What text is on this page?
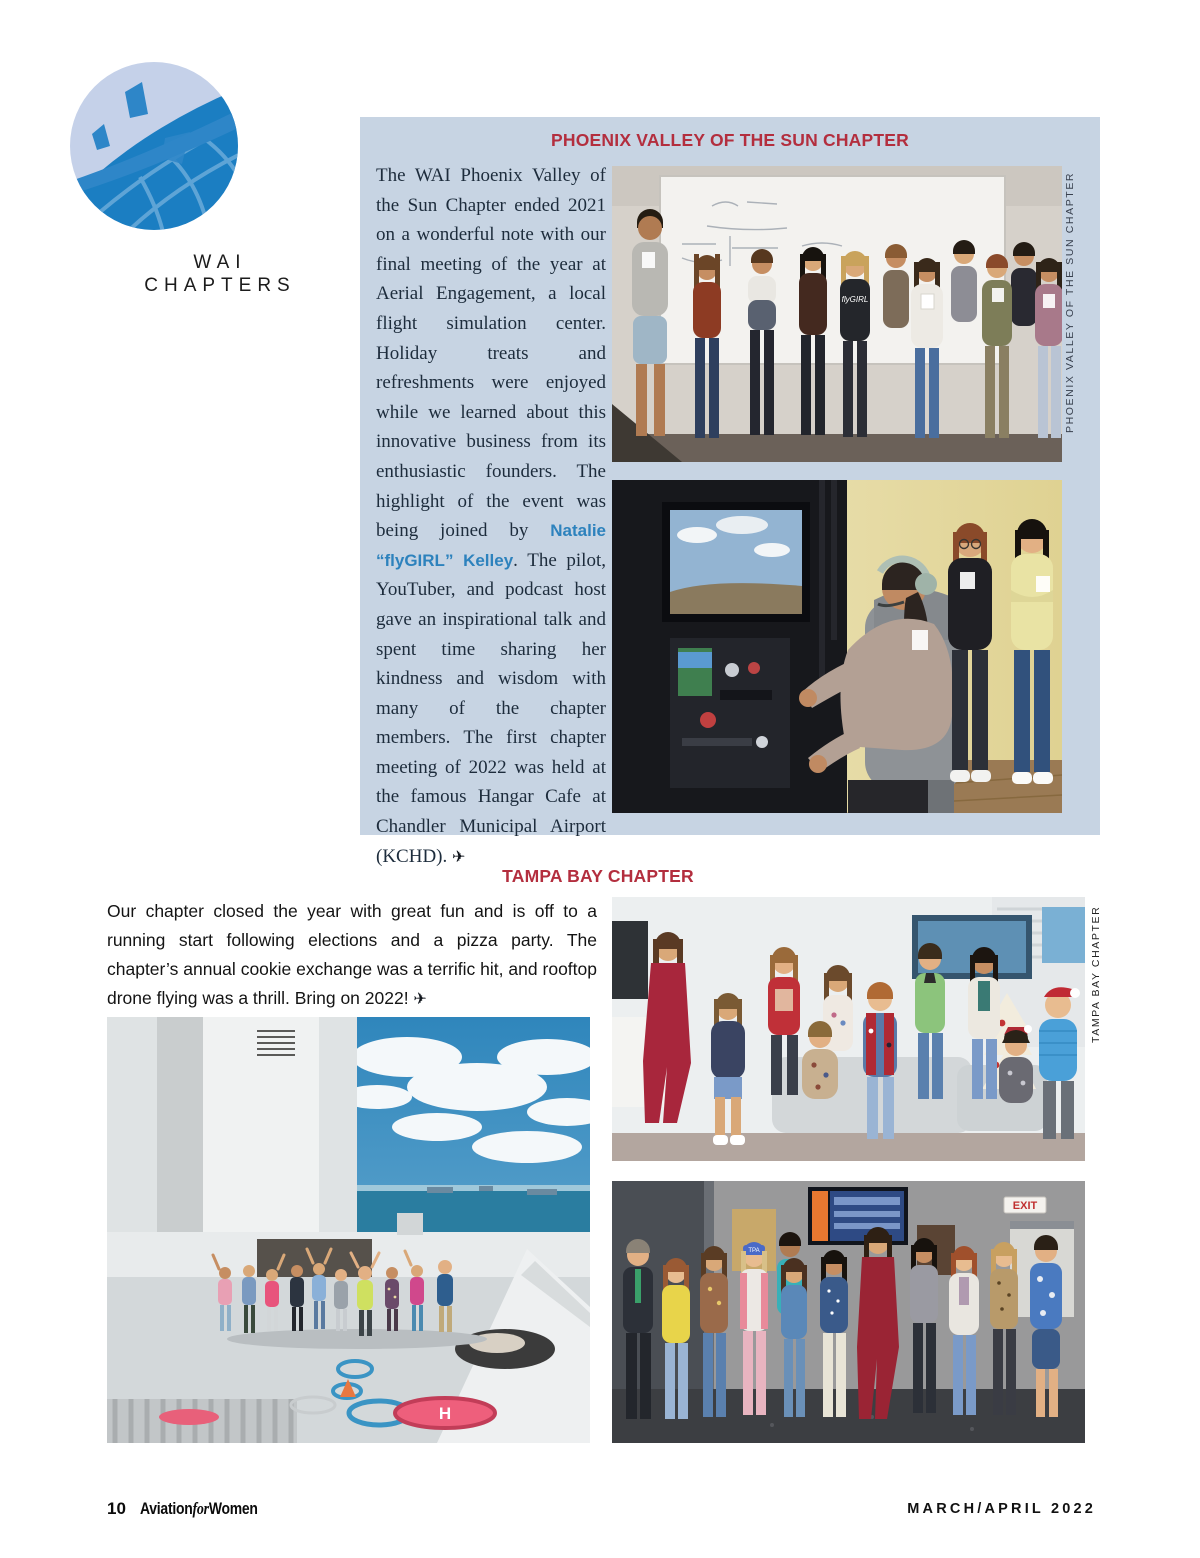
WAI
CHAPTERS
PHOENIX VALLEY OF THE SUN CHAPTER
The WAI Phoenix Valley of the Sun Chapter ended 2021 on a wonderful note with our final meeting of the year at Aerial Engagement, a local flight simulation center. Holiday treats and refreshments were enjoyed while we learned about this innovative business from its enthusiastic founders. The highlight of the event was being joined by Natalie “flyGIRL” Kelley. The pilot, YouTuber, and podcast host gave an inspirational talk and spent time sharing her kindness and wisdom with many of the chapter members. The first chapter meeting of 2022 was held at the famous Hangar Cafe at Chandler Municipal Airport (KCHD). ✈
flyGIRL	PHOENIX VALLEY OF THE SUN CHAPTER
TAMPA BAY CHAPTER
Our chapter closed the year with great fun and is off to a running start following elections and a pizza party. The chapter’s annual cookie exchange was a terrific hit, and rooftop drone flying was a thrill. Bring on 2022! ✈	TAMPA BAY CHAPTER
H
EXIT
TPA
10 AviationforWomen	MARCH/APRIL 2022
